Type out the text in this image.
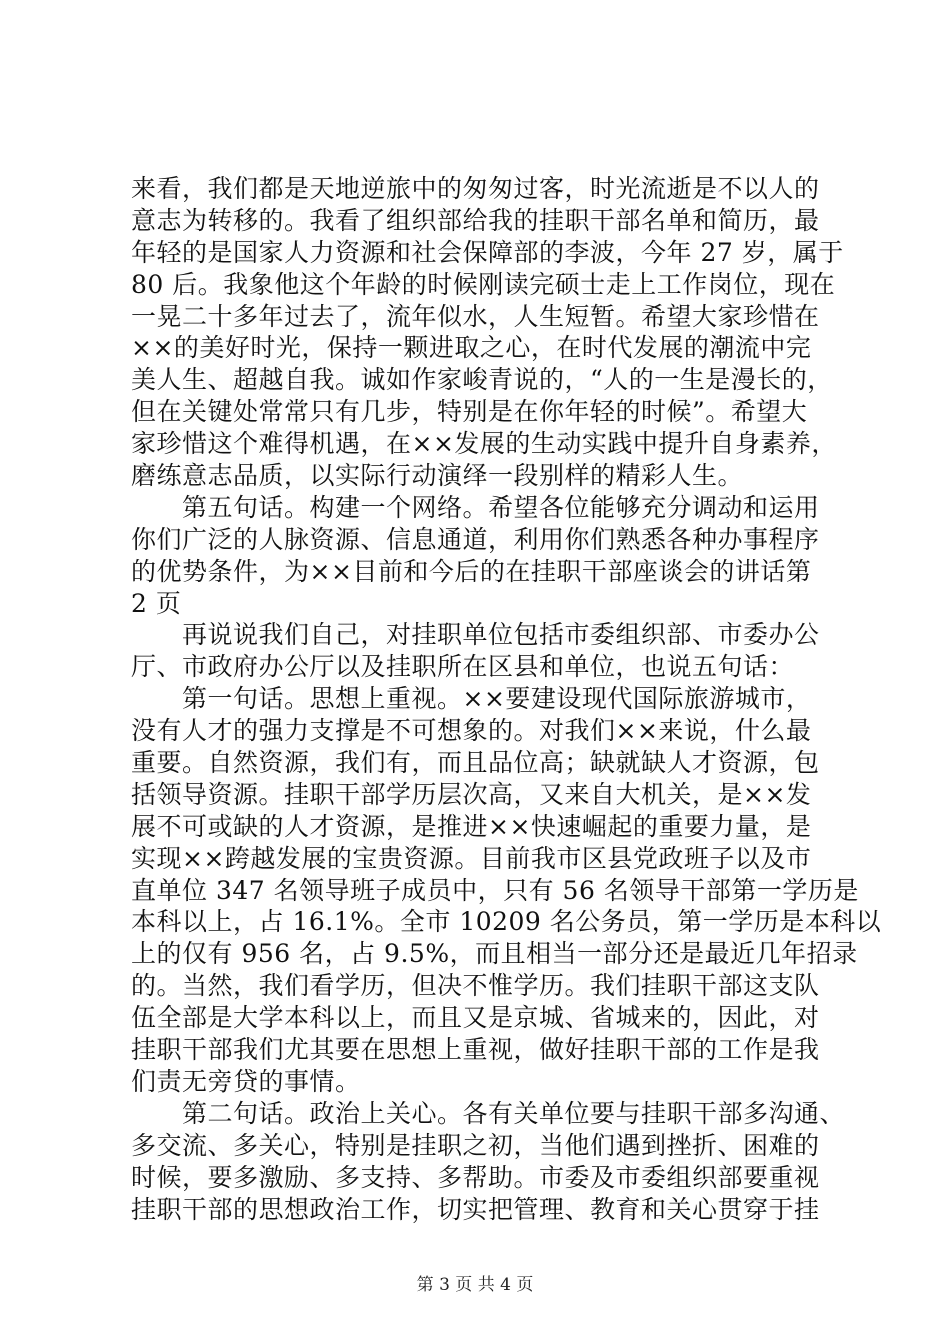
来看，我们都是天地逆旅中的匆匆过客，时光流逝是不以人的
意志为转移的。我看了组织部给我的挂职干部名单和简历，最
年轻的是国家人力资源和社会保障部的李波，今年 27 岁，属于
80 后。我象他这个年龄的时候刚读完硕士走上工作岗位，现在
一晃二十多年过去了，流年似水，人生短暂。希望大家珍惜在
××的美好时光，保持一颗进取之心，在时代发展的潮流中完
美人生、超越自我。诚如作家峻青说的，“人的一生是漫长的，
但在关键处常常只有几步，特别是在你年轻的时候”。希望大
家珍惜这个难得机遇，在××发展的生动实践中提升自身素养，
磨练意志品质，以实际行动演绎一段别样的精彩人生。
　　第五句话。构建一个网络。希望各位能够充分调动和运用
你们广泛的人脉资源、信息通道，利用你们熟悉各种办事程序
的优势条件，为××目前和今后的在挂职干部座谈会的讲话第
2 页
　　再说说我们自己，对挂职单位包括市委组织部、市委办公
厅、市政府办公厅以及挂职所在区县和单位，也说五句话：
　　第一句话。思想上重视。××要建设现代国际旅游城市，
没有人才的强力支撑是不可想象的。对我们××来说，什么最
重要。自然资源，我们有，而且品位高；缺就缺人才资源，包
括领导资源。挂职干部学历层次高，又来自大机关，是××发
展不可或缺的人才资源，是推进××快速崛起的重要力量，是
实现××跨越发展的宝贵资源。目前我市区县党政班子以及市
直单位 347 名领导班子成员中，只有 56 名领导干部第一学历是
本科以上，占 16.1%。全市 10209 名公务员，第一学历是本科以
上的仅有 956 名，占 9.5%，而且相当一部分还是最近几年招录
的。当然，我们看学历，但决不惟学历。我们挂职干部这支队
伍全部是大学本科以上，而且又是京城、省城来的，因此，对
挂职干部我们尤其要在思想上重视，做好挂职干部的工作是我
们责无旁贷的事情。
　　第二句话。政治上关心。各有关单位要与挂职干部多沟通、
多交流、多关心，特别是挂职之初，当他们遇到挫折、困难的
时候，要多激励、多支持、多帮助。市委及市委组织部要重视
挂职干部的思想政治工作，切实把管理、教育和关心贯穿于挂
第 3 页 共 4 页
